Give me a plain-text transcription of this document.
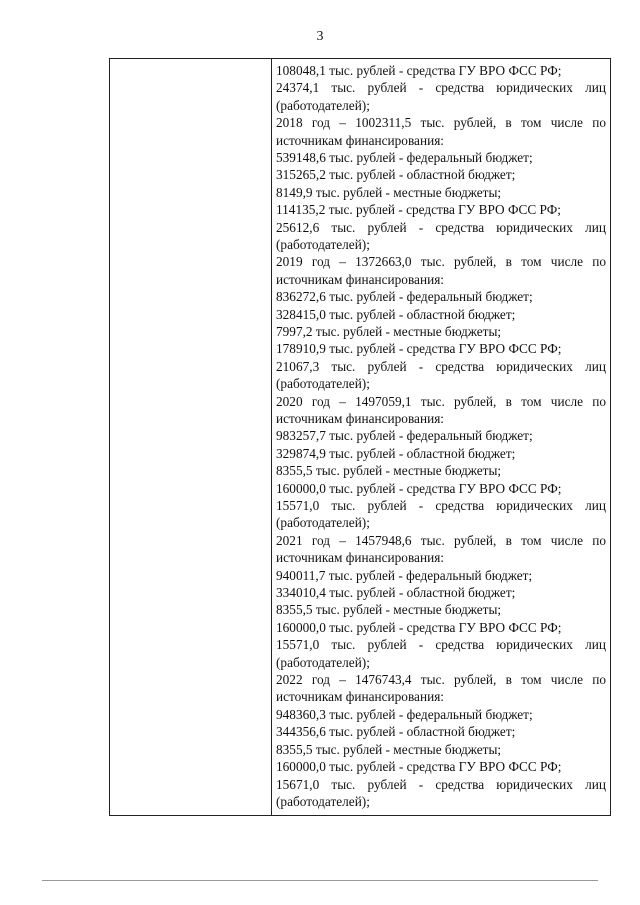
3
108048,1 тыс. рублей - средства ГУ ВРО ФСС РФ;
24374,1 тыс. рублей - средства юридических лиц
(работодателей);
2018 год – 1002311,5 тыс. рублей, в том числе по
источникам финансирования:
539148,6 тыс. рублей - федеральный бюджет;
315265,2 тыс. рублей - областной бюджет;
8149,9 тыс. рублей - местные бюджеты;
114135,2 тыс. рублей - средства ГУ ВРО ФСС РФ;
25612,6 тыс. рублей - средства юридических лиц
(работодателей);
2019 год – 1372663,0 тыс. рублей, в том числе по
источникам финансирования:
836272,6 тыс. рублей - федеральный бюджет;
328415,0 тыс. рублей - областной бюджет;
7997,2 тыс. рублей - местные бюджеты;
178910,9 тыс. рублей - средства ГУ ВРО ФСС РФ;
21067,3 тыс. рублей - средства юридических лиц
(работодателей);
2020 год – 1497059,1 тыс. рублей, в том числе по
источникам финансирования:
983257,7 тыс. рублей - федеральный бюджет;
329874,9 тыс. рублей - областной бюджет;
8355,5 тыс. рублей - местные бюджеты;
160000,0 тыс. рублей - средства ГУ ВРО ФСС РФ;
15571,0 тыс. рублей - средства юридических лиц
(работодателей);
2021 год – 1457948,6 тыс. рублей, в том числе по
источникам финансирования:
940011,7 тыс. рублей - федеральный бюджет;
334010,4 тыс. рублей - областной бюджет;
8355,5 тыс. рублей - местные бюджеты;
160000,0 тыс. рублей - средства ГУ ВРО ФСС РФ;
15571,0 тыс. рублей - средства юридических лиц
(работодателей);
2022 год – 1476743,4 тыс. рублей, в том числе по
источникам финансирования:
948360,3 тыс. рублей - федеральный бюджет;
344356,6 тыс. рублей - областной бюджет;
8355,5 тыс. рублей - местные бюджеты;
160000,0 тыс. рублей - средства ГУ ВРО ФСС РФ;
15671,0 тыс. рублей - средства юридических лиц
(работодателей);
